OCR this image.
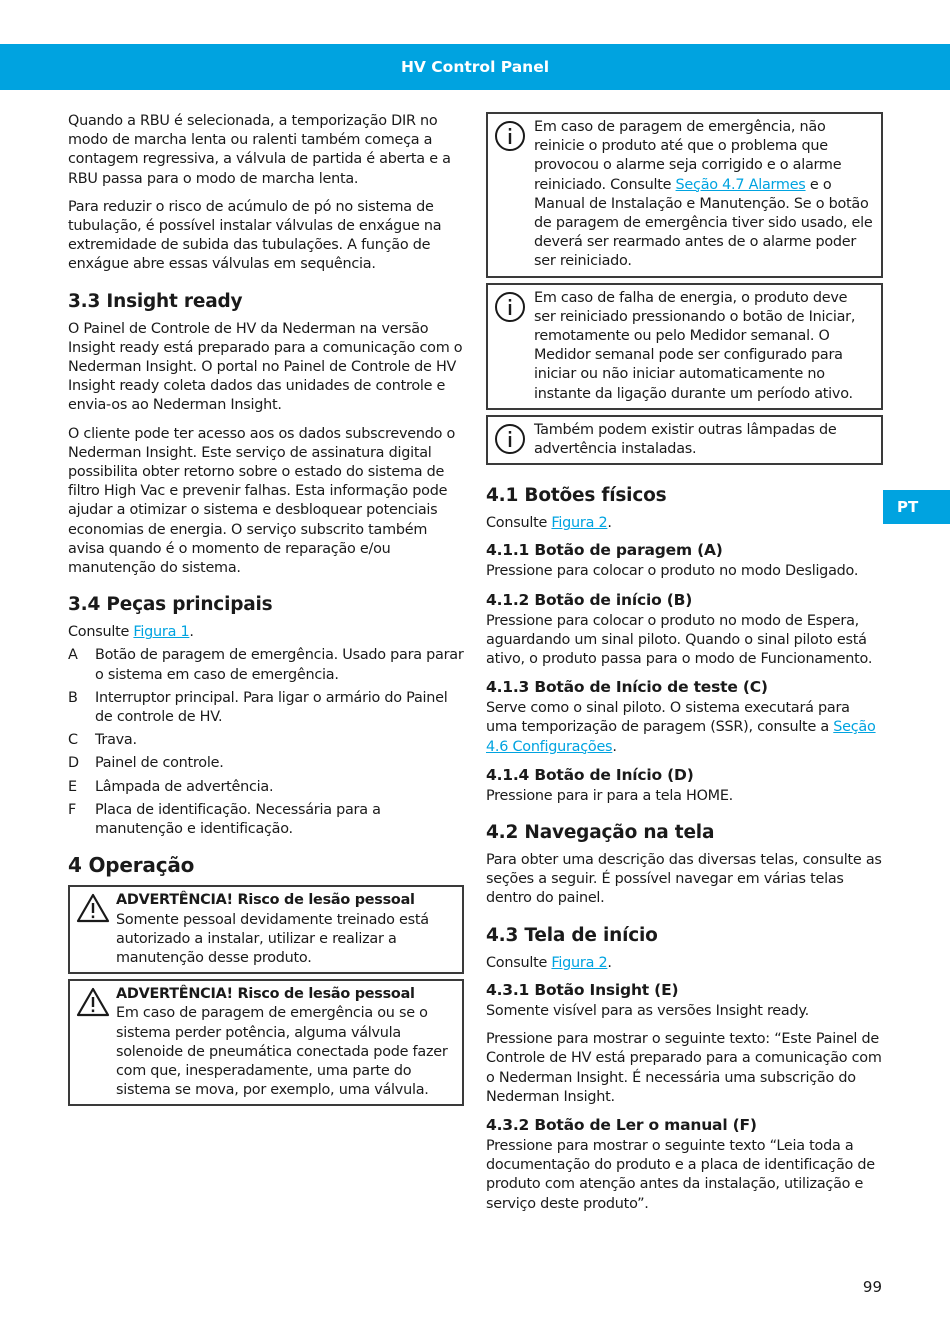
HV Control Panel
PT

Quando a RBU é selecionada, a temporização DIR no modo de marcha lenta ou ralenti também começa a contagem regressiva, a válvula de partida é aberta e a RBU passa para o modo de marcha lenta.

Para reduzir o risco de acúmulo de pó no sistema de tubulação, é possível instalar válvulas de enxágue na extremidade de subida das tubulações. A função de enxágue abre essas válvulas em sequência.

3.3 Insight ready

O Painel de Controle de HV da Nederman na versão Insight ready está preparado para a comunicação com o Nederman Insight. O portal no Painel de Controle de HV Insight ready coleta dados das unidades de controle e envia-os ao Nederman Insight.

O cliente pode ter acesso aos os dados subscrevendo o Nederman Insight. Este serviço de assinatura digital possibilita obter retorno sobre o estado do sistema de filtro High Vac e prevenir falhas. Esta informação pode ajudar a otimizar o sistema e desbloquear potenciais economias de energia. O serviço subscrito também avisa quando é o momento de reparação e/ou manutenção do sistema.

3.4 Peças principais

Consulte Figura 1.

A	Botão de paragem de emergência. Usado para parar o sistema em caso de emergência.
B	Interruptor principal. Para ligar o armário do Painel de controle de HV.
C	Trava.
D	Painel de controle.
E	Lâmpada de advertência.
F	Placa de identificação. Necessária para a manutenção e identificação.
4 Operação
ADVERTÊNCIA! Risco de lesão pessoal
Somente pessoal devidamente treinado está autorizado a instalar, utilizar e realizar a manutenção desse produto.
ADVERTÊNCIA! Risco de lesão pessoal
Em caso de paragem de emergência ou se o sistema perder potência, alguma válvula solenoide de pneumática conectada pode fazer com que, inesperadamente, uma parte do sistema se mova, por exemplo, uma válvula.
Em caso de paragem de emergência, não reinicie o produto até que o problema que provocou o alarme seja corrigido e o alarme reiniciado. Consulte Seção 4.7 Alarmes e o Manual de Instalação e Manutenção. Se o botão de paragem de emergência tiver sido usado, ele deverá ser rearmado antes de o alarme poder ser reiniciado.
Em caso de falha de energia, o produto deve ser reiniciado pressionando o botão de Iniciar, remotamente ou pelo Medidor semanal. O Medidor semanal pode ser configurado para iniciar ou não iniciar automaticamente no instante da ligação durante um período ativo.
Também podem existir outras lâmpadas de advertência instaladas.
4.1 Botões físicos

Consulte Figura 2.

4.1.1 Botão de paragem (A)

Pressione para colocar o produto no modo Desligado.

4.1.2 Botão de início (B)

Pressione para colocar o produto no modo de Espera, aguardando um sinal piloto. Quando o sinal piloto está ativo, o produto passa para o modo de Funcionamento.

4.1.3 Botão de Início de teste (C)

Serve como o sinal piloto. O sistema executará para uma temporização de paragem (SSR), consulte a Seção 4.6 Configurações.

4.1.4 Botão de Início (D)

Pressione para ir para a tela HOME.

4.2 Navegação na tela

Para obter uma descrição das diversas telas, consulte as seções a seguir. É possível navegar em várias telas dentro do painel.

4.3 Tela de início

Consulte Figura 2.

4.3.1 Botão Insight (E)

Somente visível para as versões Insight ready.

Pressione para mostrar o seguinte texto: “Este Painel de Controle de HV está preparado para a comunicação com o Nederman Insight. É necessária uma subscrição do Nederman Insight.

4.3.2 Botão de Ler o manual (F)

Pressione para mostrar o seguinte texto “Leia toda a documentação do produto e a placa de identificação de produto com atenção antes da instalação, utilização e serviço deste produto”.

99
